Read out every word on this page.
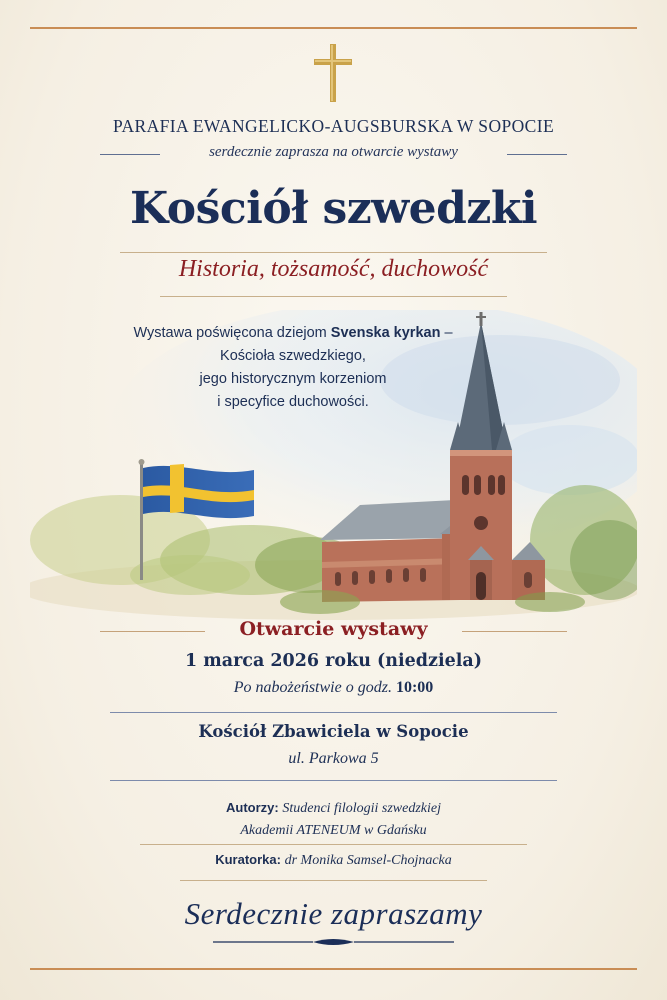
PARAFIA EWANGELICKO-AUGSBURSKA W SOPOCIE
serdecznie zaprasza na otwarcie wystawy
Kościół szwedzki
Historia, tożsamość, duchowość
Wystawa poświęcona dziejom Svenska kyrkan –
Kościoła szwedzkiego,
jego historycznym korzeniom
i specyfice duchowości.
Otwarcie wystawy
1 marca 2026 roku (niedziela)
Po nabożeństwie o godz. 10:00
Kościół Zbawiciela w Sopocie
ul. Parkowa 5
Autorzy: Studenci filologii szwedzkiej
Akademii ATENEUM w Gdańsku
Kuratorka: dr Monika Samsel-Chojnacka
Serdecznie zapraszamy
